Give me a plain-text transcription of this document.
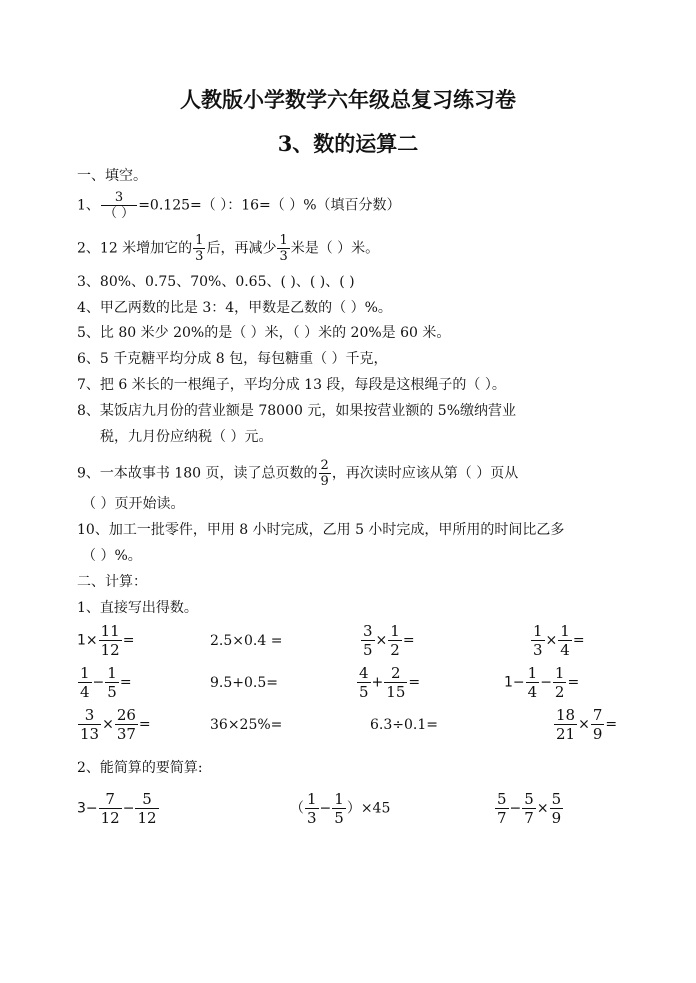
人教版小学数学六年级总复习练习卷
3、数的运算二
一、填空。
1、 $\frac{3}{( )} =0.125=$（ ）：16=（ ）%（填百分数）
2、12 米增加它的 $\frac{1}{3}$ 后，再减少 $\frac{1}{3}$ 米是（ ）米。
3、80%、0.75、70%、0.65、( )、( )、( )
4、甲乙两数的比是 3：4，甲数是乙数的（ ）%。
5、比 80 米少 20%的是（ ）米，（ ）米的 20%是 60 米。
6、5 千克糖平均分成 8 包，每包糖重（ ）千克，
7、把 6 米长的一根绳子，平均分成 13 段，每段是这根绳子的（ ）。
8、某饭店九月份的营业额是 78000 元，如果按营业额的 5%缴纳营业
税，九月份应纳税（ ）元。
9、一本故事书 180 页，读了总页数的 $\frac{2}{9}$ ，再次读时应该从第（ ）页从
（ ）页开始读。
10、加工一批零件，甲用 8 小时完成，乙用 5 小时完成，甲所用的时间比乙多
（ ）%。
二、计算：
1、直接写出得数。
$1\times \frac{11}{12}$ =	2.5×0.4 =	$\frac{3}{5} \times \frac{1}{2}$ =	$\frac{1}{3} \times \frac{1}{4}$ =
$\frac{1}{4} - \frac{1}{5}$ =	9.5+0.5=	$\frac{4}{5} + \frac{2}{15}$ =	$1- \frac{1}{4} - \frac{1}{2}$ =
$\frac{3}{13} \times \frac{26}{37}$ =	36×25%=	6.3÷0.1=	$\frac{18}{21} \times \frac{7}{9}$ =
2、能简算的要简算:
$3- \frac{7}{12} - \frac{5}{12}$	（ $\frac{1}{3} - \frac{1}{5} )\times 45$	$\frac{5}{7} - \frac{5}{7} \times \frac{5}{9}$
